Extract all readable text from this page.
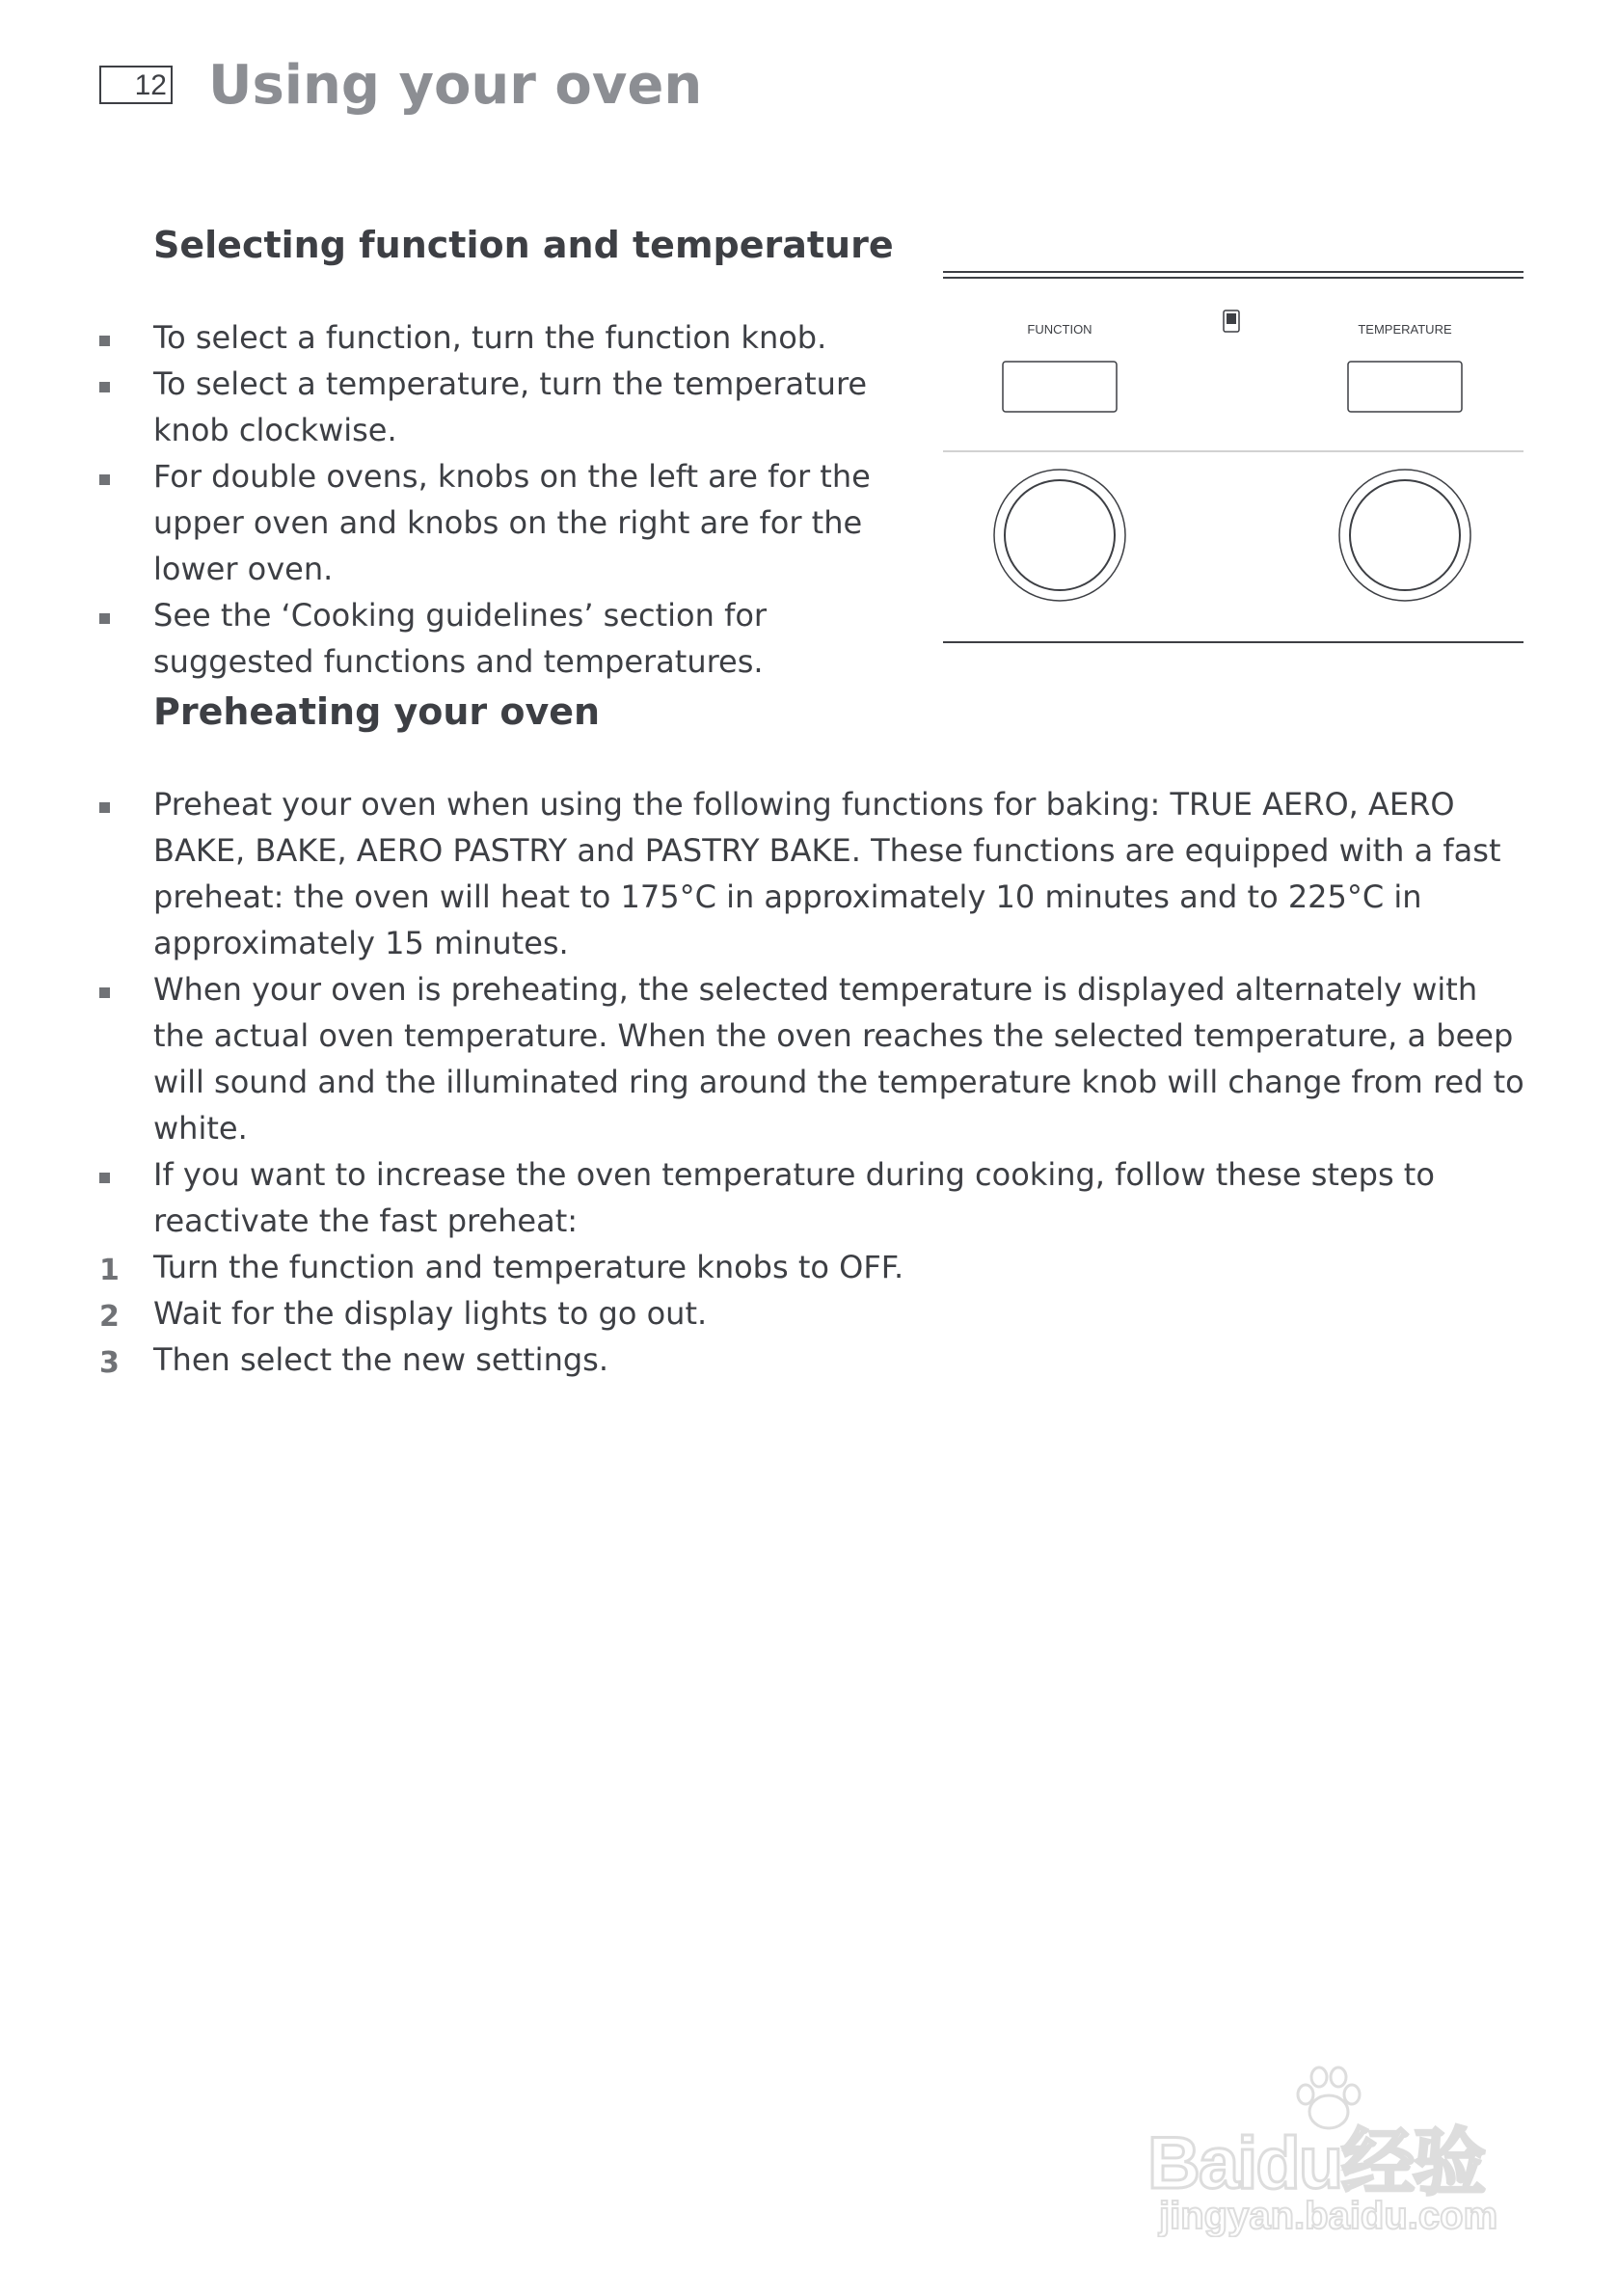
12 Using your oven
Selecting function and temperature
To select a function, turn the function knob.
To select a temperature, turn the temperature knob clockwise.
For double ovens, knobs on the left are for the upper oven and knobs on the right are for the lower oven.
See the ‘Cooking guidelines’ section for suggested functions and temperatures.
FUNCTION	TEMPERATURE
Preheating your oven
Preheat your oven when using the following functions for baking: TRUE AERO, AERO BAKE, BAKE, AERO PASTRY and PASTRY BAKE. These functions are equipped with a fast preheat: the oven will heat to 175°C in approximately 10 minutes and to 225°C in approximately 15 minutes.
When your oven is preheating, the selected temperature is displayed alternately with the actual oven temperature. When the oven reaches the selected temperature, a beep will sound and the illuminated ring around the temperature knob will change from red to white.
If you want to increase the oven temperature during cooking, follow these steps to reactivate the fast preheat:
1 Turn the function and temperature knobs to OFF.
2 Wait for the display lights to go out.
3 Then select the new settings.
Baidu经验
jingyan.baidu.com
